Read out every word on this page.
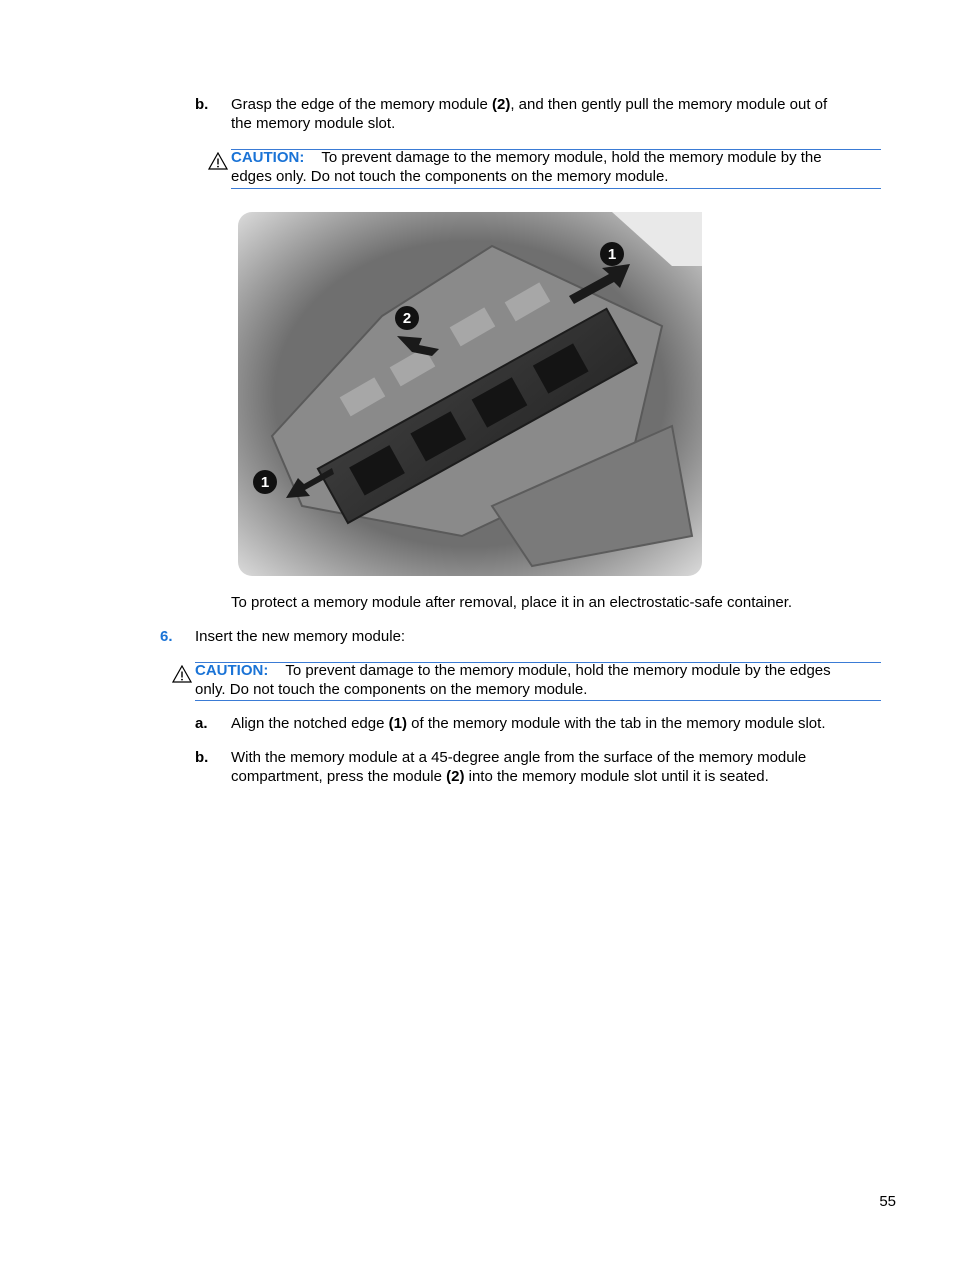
b. Grasp the edge of the memory module (2), and then gently pull the memory module out of
the memory module slot.
CAUTION: To prevent damage to the memory module, hold the memory module by the
edges only. Do not touch the components on the memory module.
1
2
1
To protect a memory module after removal, place it in an electrostatic-safe container.
6. Insert the new memory module:
CAUTION: To prevent damage to the memory module, hold the memory module by the edges
only. Do not touch the components on the memory module.
a. Align the notched edge (1) of the memory module with the tab in the memory module slot.
b. With the memory module at a 45-degree angle from the surface of the memory module
compartment, press the module (2) into the memory module slot until it is seated.
55
